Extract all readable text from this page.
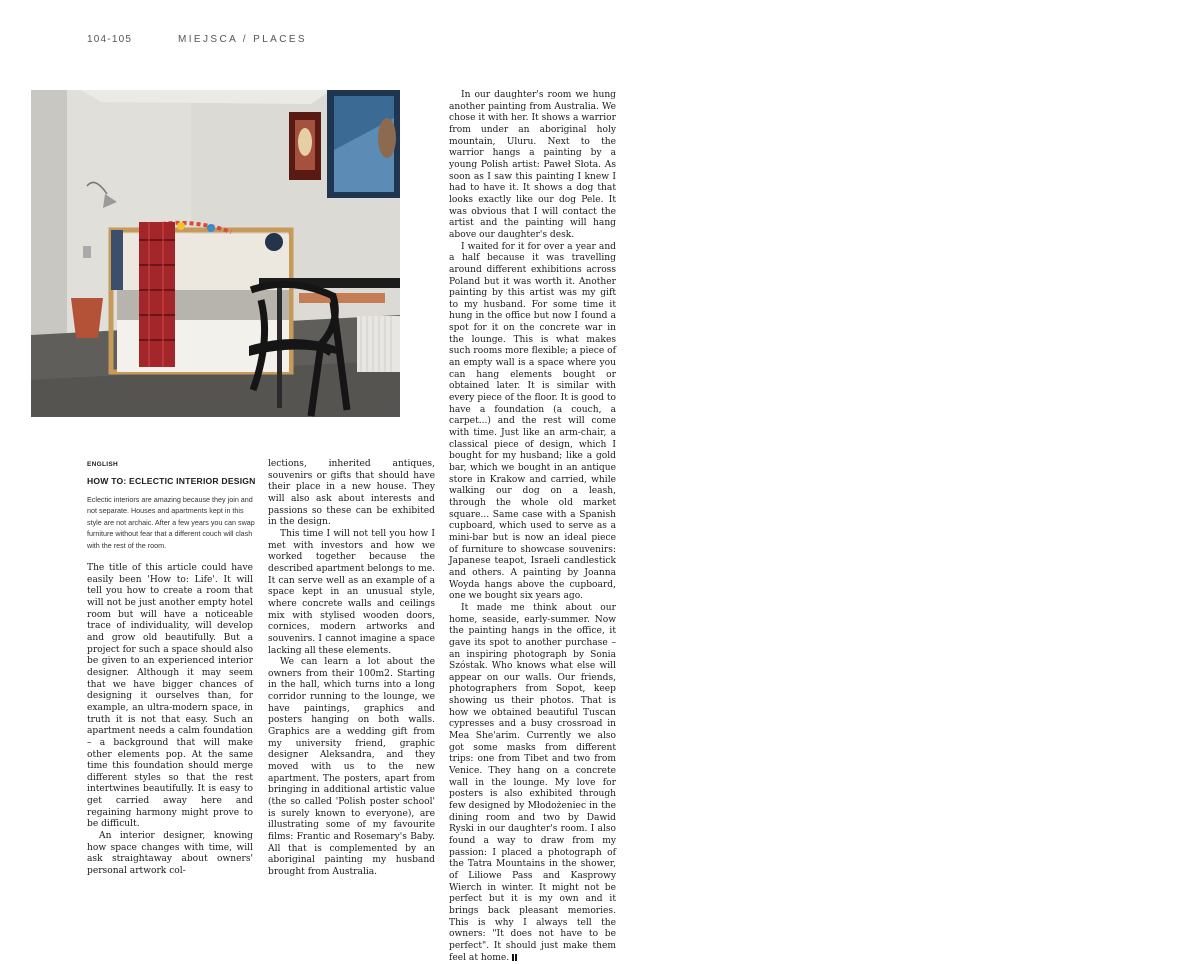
104-105	MIEJSCA / PLACES
ENGLISH
HOW TO: ECLECTIC INTERIOR DESIGN

Eclectic interiors are amazing because they join and not separate. Houses and apartments kept in this style are not archaic. After a few years you can swap furniture without fear that a different couch will clash with the rest of the room.

The title of this article could have easily been 'How to: Life'. It will tell you how to create a room that will not be just another empty hotel room but will have a noticeable trace of individuality, will develop and grow old beautifully. But a project for such a space should also be given to an experienced interior designer. Although it may seem that we have bigger chances of designing it ourselves than, for example, an ultra-modern space, in truth it is not that easy. Such an apartment needs a calm foundation – a background that will make other elements pop. At the same time this foundation should merge different styles so that the rest intertwines beautifully. It is easy to get carried away here and regaining harmony might prove to be difficult.

An interior designer, knowing how space changes with time, will ask straightaway about owners' personal artwork col-

lections, inherited antiques, souvenirs or gifts that should have their place in a new house. They will also ask about interests and passions so these can be exhibited in the design.

This time I will not tell you how I met with investors and how we worked together because the described apartment belongs to me. It can serve well as an example of a space kept in an unusual style, where concrete walls and ceilings mix with stylised wooden doors, cornices, modern artworks and souvenirs. I cannot imagine a space lacking all these elements.

We can learn a lot about the owners from their 100m2. Starting in the hall, which turns into a long corridor running to the lounge, we have paintings, graphics and posters hanging on both walls. Graphics are a wedding gift from my university friend, graphic designer Aleksandra, and they moved with us to the new apartment. The posters, apart from bringing in additional artistic value (the so called 'Polish poster school' is surely known to everyone), are illustrating some of my favourite films: Frantic and Rosemary's Baby. All that is complemented by an aboriginal painting my husband brought from Australia.

In our daughter's room we hung another painting from Australia. We chose it with her. It shows a warrior from under an aboriginal holy mountain, Uluru. Next to the warrior hangs a painting by a young Polish artist: Paweł Słota. As soon as I saw this painting I knew I had to have it. It shows a dog that looks exactly like our dog Pele. It was obvious that I will contact the artist and the painting will hang above our daughter's desk.

I waited for it for over a year and a half because it was travelling around different exhibitions across Poland but it was worth it. Another painting by this artist was my gift to my husband. For some time it hung in the office but now I found a spot for it on the concrete war in the lounge. This is what makes such rooms more flexible; a piece of an empty wall is a space where you can hang elements bought or obtained later. It is similar with every piece of the floor. It is good to have a foundation (a couch, a carpet...) and the rest will come with time. Just like an arm-chair, a classical piece of design, which I bought for my husband; like a gold bar, which we bought in an antique store in Krakow and carried, while walking our dog on a leash, through the whole old market square... Same case with a Spanish cupboard, which used to serve as a mini-bar but is now an ideal piece of furniture to showcase souvenirs: Japanese teapot, Israeli candlestick and others. A painting by Joanna Woyda hangs above the cupboard, one we bought six years ago.

It made me think about our home, seaside, early-summer. Now the painting hangs in the office, it gave its spot to another purchase – an inspiring photograph by Sonia Szóstak. Who knows what else will appear on our walls. Our friends, photographers from Sopot, keep showing us their photos. That is how we obtained beautiful Tuscan cypresses and a busy crossroad in Mea She'arim. Currently we also got some masks from different trips: one from Tibet and two from Venice. They hang on a concrete wall in the lounge. My love for posters is also exhibited through few designed by Młodożeniec in the dining room and two by Dawid Ryski in our daughter's room. I also found a way to draw from my passion: I placed a photograph of the Tatra Mountains in the shower, of Liliowe Pass and Kasprowy Wierch in winter. It might not be perfect but it is my own and it brings back pleasant memories. This is why I always tell the owners: "It does not have to be perfect". It should just make them feel at home.
